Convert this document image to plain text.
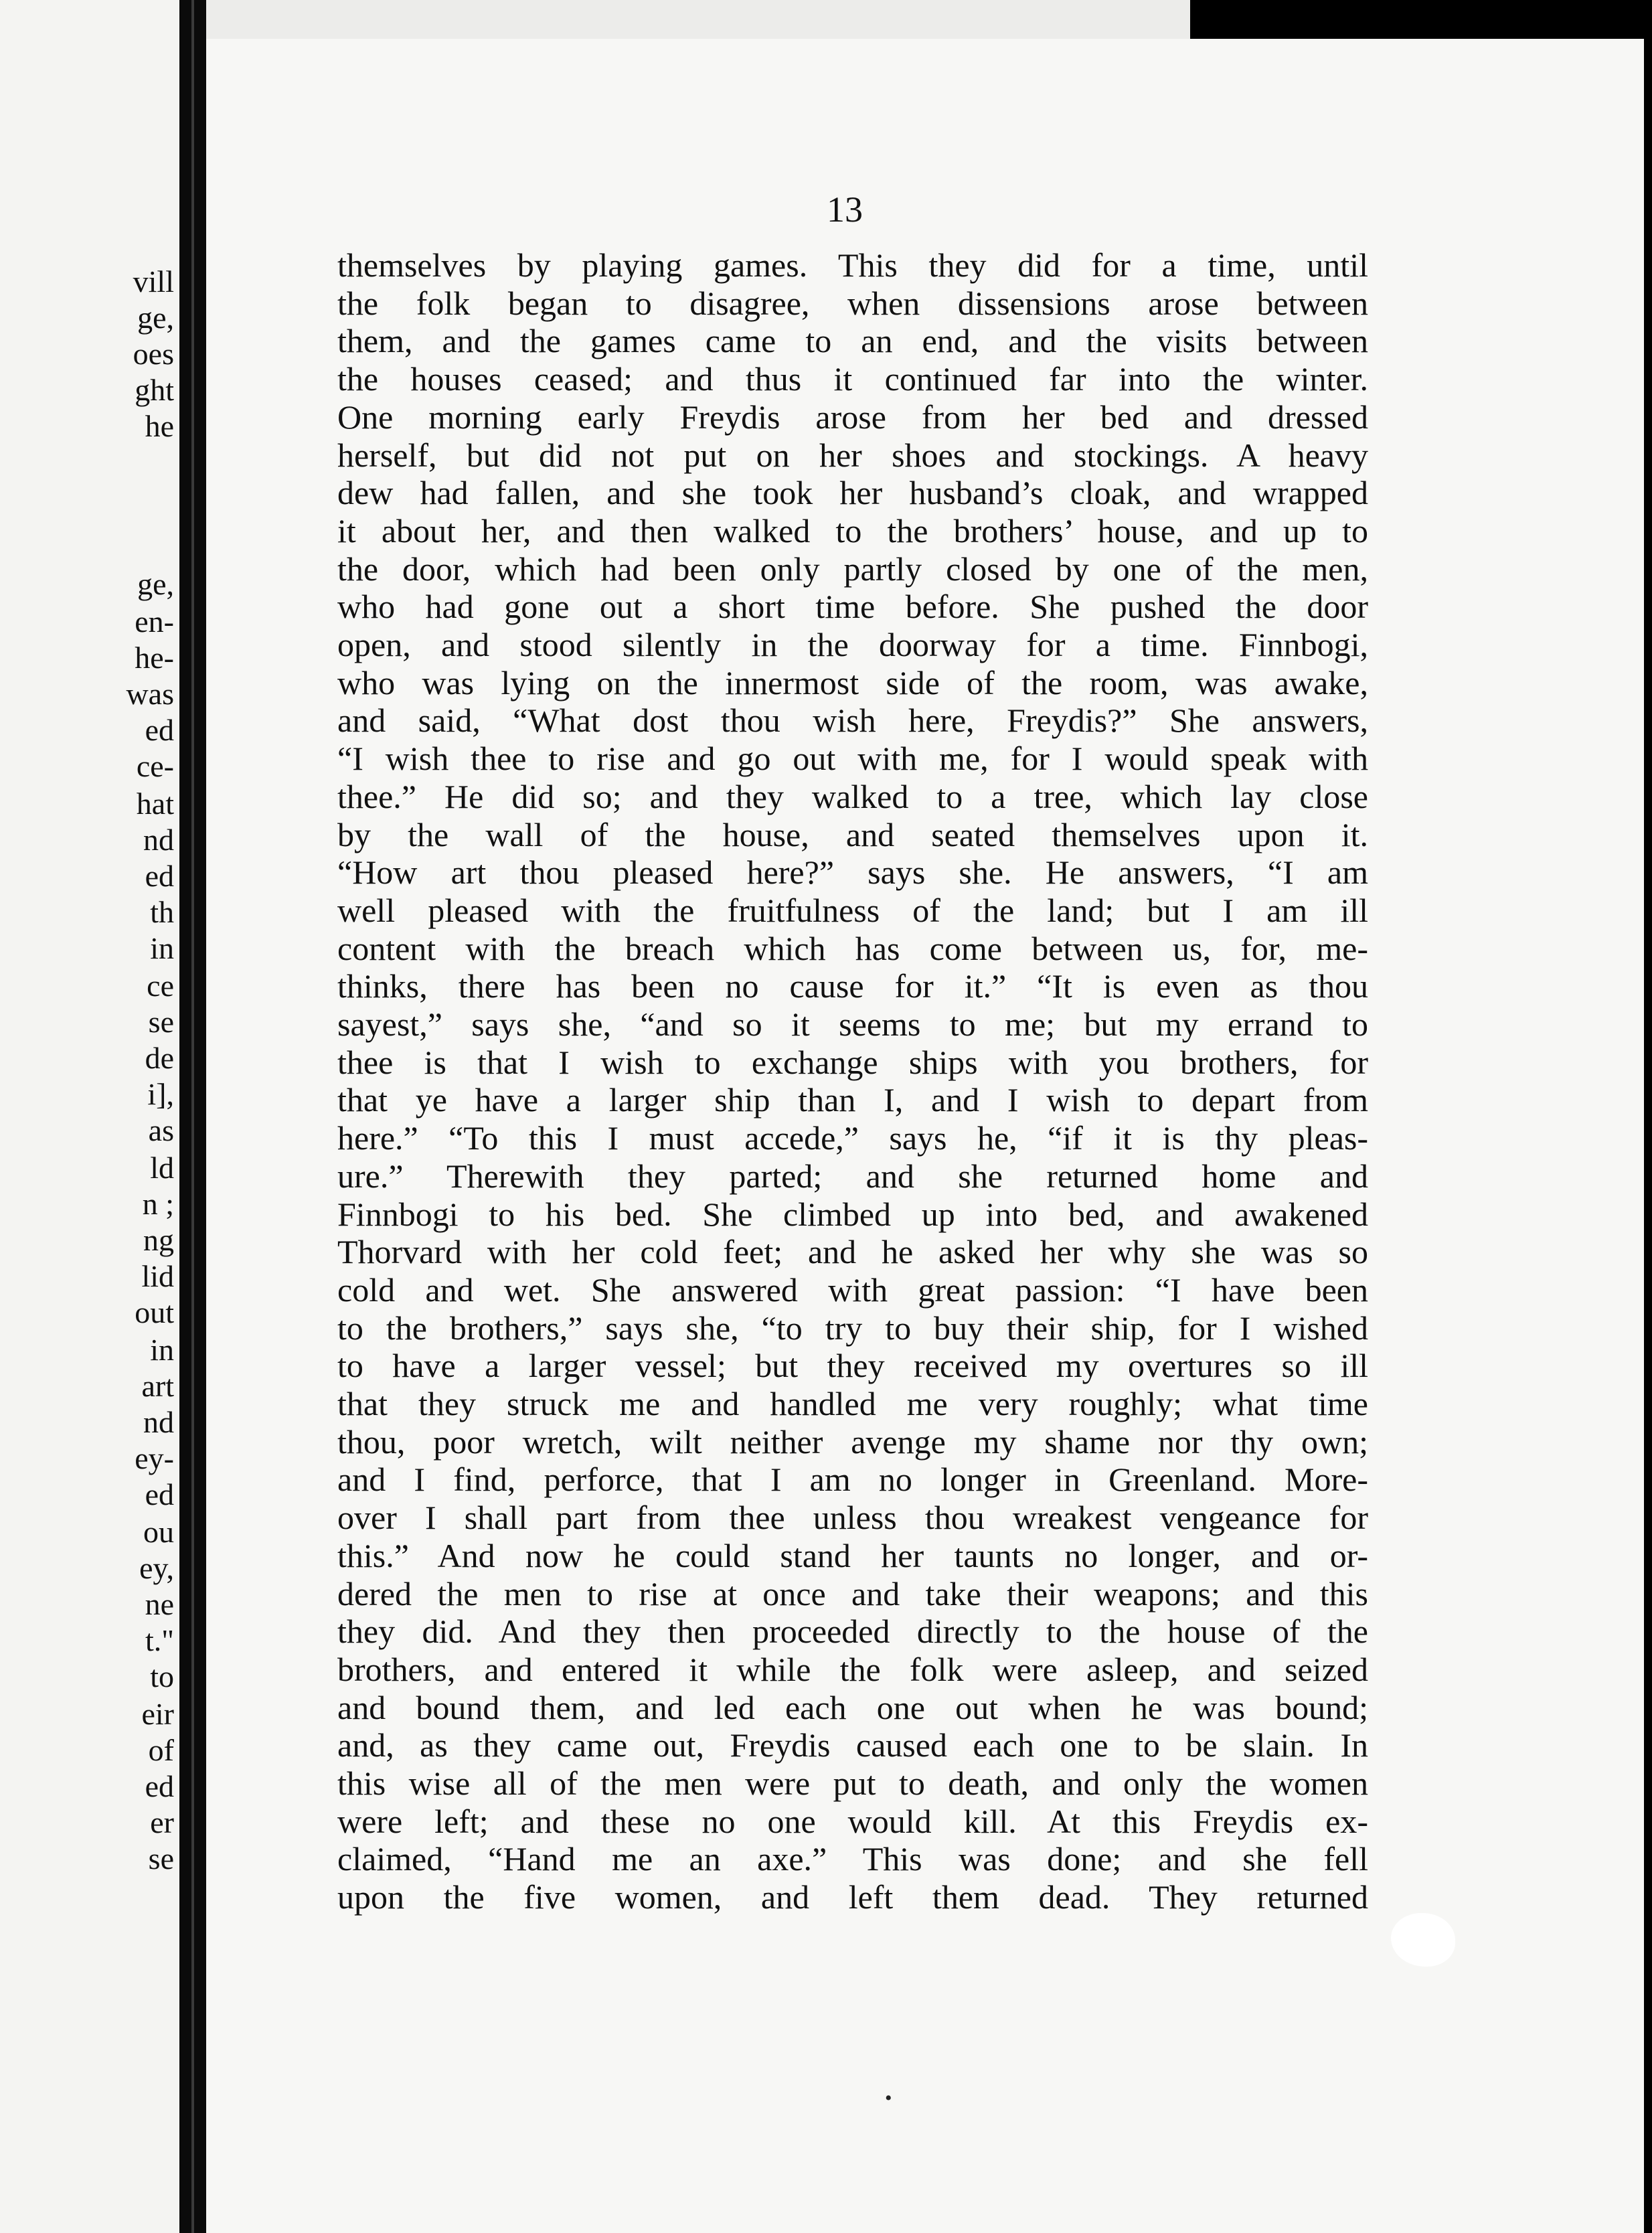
vill
ge,
oes
ght
he
ge,
en-
he-
was
ed
ce-
hat
nd
ed
th
in
ce
se
de
i],
as
ld
n ;
ng
lid
out
in
art
nd
ey-
ed
ou
ey,
ne
t."
to
eir
of
ed
er
se
13
themselves by playing games. This they did for a time, until
the folk began to disagree, when dissensions arose between
them, and the games came to an end, and the visits between
the houses ceased; and thus it continued far into the winter.
One morning early Freydis arose from her bed and dressed
herself, but did not put on her shoes and stockings. A heavy
dew had fallen, and she took her husband’s cloak, and wrapped
it about her, and then walked to the brothers’ house, and up to
the door, which had been only partly closed by one of the men,
who had gone out a short time before. She pushed the door
open, and stood silently in the doorway for a time. Finnbogi,
who was lying on the innermost side of the room, was awake,
and said, “What dost thou wish here, Freydis?” She answers,
“I wish thee to rise and go out with me, for I would speak with
thee.” He did so; and they walked to a tree, which lay close
by the wall of the house, and seated themselves upon it.
“How art thou pleased here?” says she. He answers, “I am
well pleased with the fruitfulness of the land; but I am ill
content with the breach which has come between us, for, me-
thinks, there has been no cause for it.” “It is even as thou
sayest,” says she, “and so it seems to me; but my errand to
thee is that I wish to exchange ships with you brothers, for
that ye have a larger ship than I, and I wish to depart from
here.” “To this I must accede,” says he, “if it is thy pleas-
ure.” Therewith they parted; and she returned home and
Finnbogi to his bed. She climbed up into bed, and awakened
Thorvard with her cold feet; and he asked her why she was so
cold and wet. She answered with great passion: “I have been
to the brothers,” says she, “to try to buy their ship, for I wished
to have a larger vessel; but they received my overtures so ill
that they struck me and handled me very roughly; what time
thou, poor wretch, wilt neither avenge my shame nor thy own;
and I find, perforce, that I am no longer in Greenland. More-
over I shall part from thee unless thou wreakest vengeance for
this.” And now he could stand her taunts no longer, and or-
dered the men to rise at once and take their weapons; and this
they did. And they then proceeded directly to the house of the
brothers, and entered it while the folk were asleep, and seized
and bound them, and led each one out when he was bound;
and, as they came out, Freydis caused each one to be slain. In
this wise all of the men were put to death, and only the women
were left; and these no one would kill. At this Freydis ex-
claimed, “Hand me an axe.” This was done; and she fell
upon the five women, and left them dead. They returned
•
